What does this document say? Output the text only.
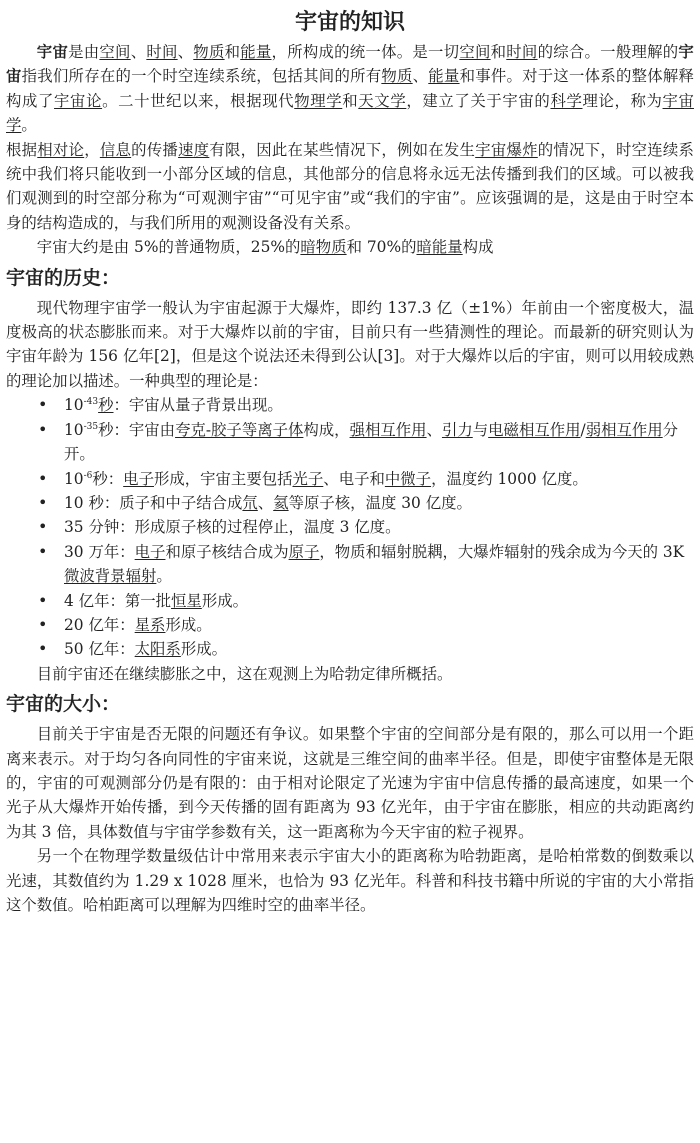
宇宙的知识

宇宙是由空间、时间、物质和能量，所构成的统一体。是一切空间和时间的综合。一般理解的宇宙指我们所存在的一个时空连续系统，包括其间的所有物质、能量和事件。对于这一体系的整体解释构成了宇宙论。二十世纪以来，根据现代物理学和天文学，建立了关于宇宙的科学理论，称为宇宙学。

根据相对论，信息的传播速度有限，因此在某些情况下，例如在发生宇宙爆炸的情况下，时空连续系统中我们将只能收到一小部分区域的信息，其他部分的信息将永远无法传播到我们的区域。可以被我们观测到的时空部分称为“可观测宇宙”“可见宇宙”或“我们的宇宙”。应该强调的是，这是由于时空本身的结构造成的，与我们所用的观测设备没有关系。

宇宙大约是由 5%的普通物质，25%的暗物质和 70%的暗能量构成

宇宙的历史：

现代物理宇宙学一般认为宇宙起源于大爆炸，即约 137.3 亿（±1%）年前由一个密度极大，温度极高的状态膨胀而来。对于大爆炸以前的宇宙，目前只有一些猜测性的理论。而最新的研究则认为宇宙年龄为 156 亿年[2]，但是这个说法还未得到公认[3]。对于大爆炸以后的宇宙，则可以用较成熟的理论加以描述。一种典型的理论是：

• $10^{-43}$秒：宇宙从量子背景出现。
• $10^{-35}$秒：宇宙由夸克-胶子等离子体构成，强相互作用、引力与电磁相互作用/弱相互作用分开。
• $10^{-6}$秒：电子形成，宇宙主要包括光子、电子和中微子，温度约 1000 亿度。
• 10 秒：质子和中子结合成氘、氦等原子核，温度 30 亿度。
• 35 分钟：形成原子核的过程停止，温度 3 亿度。
• 30 万年：电子和原子核结合成为原子，物质和辐射脱耦，大爆炸辐射的残余成为今天的 3K 微波背景辐射。
• 4 亿年：第一批恒星形成。
• 20 亿年：星系形成。
• 50 亿年：太阳系形成。

目前宇宙还在继续膨胀之中，这在观测上为哈勃定律所概括。

宇宙的大小：

目前关于宇宙是否无限的问题还有争议。如果整个宇宙的空间部分是有限的，那么可以用一个距离来表示。对于均匀各向同性的宇宙来说，这就是三维空间的曲率半径。但是，即使宇宙整体是无限的，宇宙的可观测部分仍是有限的：由于相对论限定了光速为宇宙中信息传播的最高速度，如果一个光子从大爆炸开始传播，到今天传播的固有距离为 93 亿光年，由于宇宙在膨胀，相应的共动距离约为其 3 倍，具体数值与宇宙学参数有关，这一距离称为今天宇宙的粒子视界。

另一个在物理学数量级估计中常用来表示宇宙大小的距离称为哈勃距离，是哈柏常数的倒数乘以光速，其数值约为 1.29 x 1028 厘米，也恰为 93 亿光年。科普和科技书籍中所说的宇宙的大小常指这个数值。哈柏距离可以理解为四维时空的曲率半径。
